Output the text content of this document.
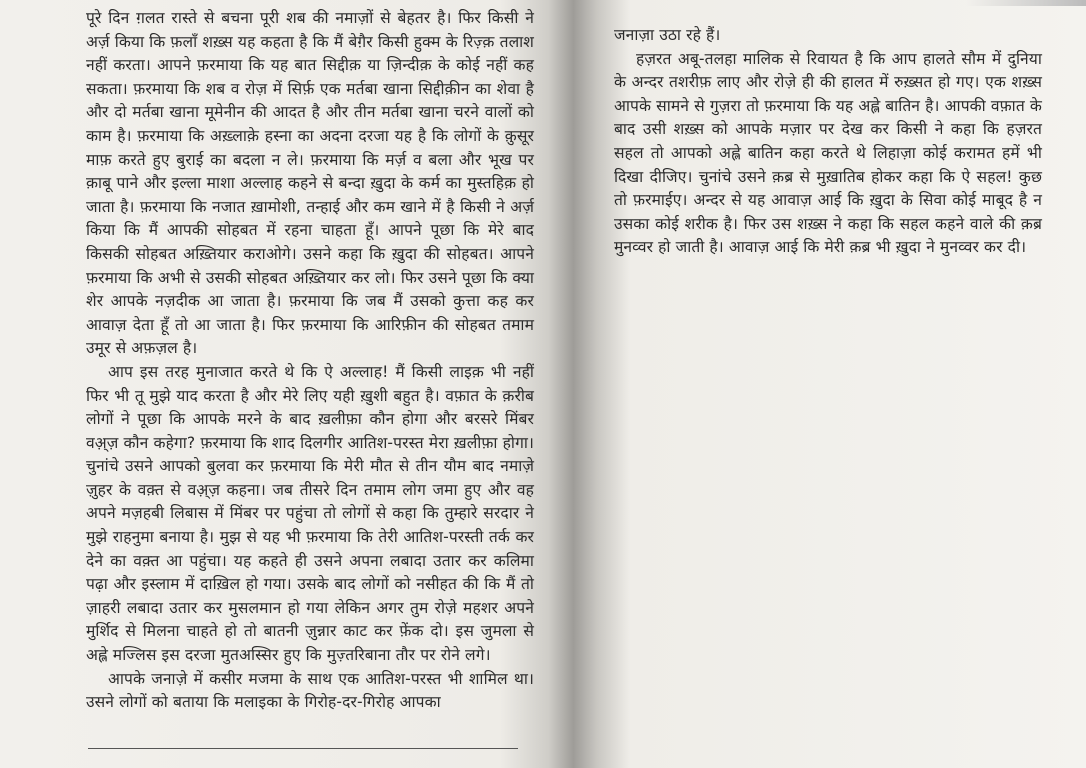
पूरे दिन ग़लत रास्ते से बचना पूरी शब की नमाज़ों से बेहतर है। फिर किसी ने अर्ज़ किया कि फ़लाँ शख़्स यह कहता है कि मैं बेग़ैर किसी हुक्म के रिज़्क़ तलाश नहीं करता। आपने फ़रमाया कि यह बात सिद्दीक़ या ज़िन्दीक़ के कोई नहीं कह सकता। फ़रमाया कि शब व रोज़ में सिर्फ़ एक मर्तबा खाना सिद्दीक़ीन का शेवा है और दो मर्तबा खाना मूमेनीन की आदत है और तीन मर्तबा खाना चरने वालों को काम है। फ़रमाया कि अख़्लाक़े हस्ना का अदना दरजा यह है कि लोगों के क़ुसूर माफ़ करते हुए बुराई का बदला न ले। फ़रमाया कि मर्ज़ व बला और भूख पर क़ाबू पाने और इल्ला माशा अल्लाह कहने से बन्दा ख़ुदा के कर्म का मुस्तहिक़ हो जाता है। फ़रमाया कि नजात ख़ामोशी, तन्हाई और कम खाने में है किसी ने अर्ज़ किया कि मैं आपकी सोहबत में रहना चाहता हूँ। आपने पूछा कि मेरे बाद किसकी सोहबत अख़्तियार कराओगे। उसने कहा कि ख़ुदा की सोहबत। आपने फ़रमाया कि अभी से उसकी सोहबत अख़्तियार कर लो। फिर उसने पूछा कि क्या शेर आपके नज़दीक आ जाता है। फ़रमाया कि जब मैं उसको कुत्ता कह कर आवाज़ देता हूँ तो आ जाता है। फिर फ़रमाया कि आरिफ़ीन की सोहबत तमाम उमूर से अफ़ज़ल है।

आप इस तरह मुनाजात करते थे कि ऐ अल्लाह! मैं किसी लाइक़ भी नहीं फिर भी तू मुझे याद करता है और मेरे लिए यही ख़ुशी बहुत है। वफ़ात के क़रीब लोगों ने पूछा कि आपके मरने के बाद ख़लीफ़ा कौन होगा और बरसरे मिंबर वअ़्ज़ कौन कहेगा? फ़रमाया कि शाद दिलगीर आतिश-परस्त मेरा ख़लीफ़ा होगा। चुनांचे उसने आपको बुलवा कर फ़रमाया कि मेरी मौत से तीन यौम बाद नमाज़े ज़ुहर के वक़्त से वअ़्ज़ कहना। जब तीसरे दिन तमाम लोग जमा हुए और वह अपने मज़हबी लिबास में मिंबर पर पहुंचा तो लोगों से कहा कि तुम्हारे सरदार ने मुझे राहनुमा बनाया है। मुझ से यह भी फ़रमाया कि तेरी आतिश-परस्ती तर्क कर देने का वक़्त आ पहुंचा। यह कहते ही उसने अपना लबादा उतार कर कलिमा पढ़ा और इस्लाम में दाख़िल हो गया। उसके बाद लोगों को नसीहत की कि मैं तो ज़ाहरी लबादा उतार कर मुसलमान हो गया लेकिन अगर तुम रोज़े महशर अपने मुर्शिद से मिलना चाहते हो तो बातनी ज़ुन्नार काट कर फ़ेंक दो। इस जुमला से अह्ले मज्लिस इस दरजा मुतअस्सिर हुए कि मुज़्तरिबाना तौर पर रोने लगे।

आपके जनाज़े में कसीर मजमा के साथ एक आतिश-परस्त भी शामिल था। उसने लोगों को बताया कि मलाइका के गिरोह-दर-गिरोह आपका

जनाज़ा उठा रहे हैं।

हज़रत अबू-तलहा मालिक से रिवायत है कि आप हालते सौम में दुनिया के अन्दर तशरीफ़ लाए और रोज़े ही की हालत में रुख़्सत हो गए। एक शख़्स आपके सामने से गुज़रा तो फ़रमाया कि यह अह्ले बातिन है। आपकी वफ़ात के बाद उसी शख़्स को आपके मज़ार पर देख कर किसी ने कहा कि हज़रत सहल तो आपको अह्ले बातिन कहा करते थे लिहाज़ा कोई करामत हमें भी दिखा दीजिए। चुनांचे उसने क़ब्र से मुख़ातिब होकर कहा कि ऐ सहल! कुछ तो फ़रमाईए। अन्दर से यह आवाज़ आई कि ख़ुदा के सिवा कोई माबूद है न उसका कोई शरीक है। फिर उस शख़्स ने कहा कि सहल कहने वाले की क़ब्र मुनव्वर हो जाती है। आवाज़ आई कि मेरी क़ब्र भी ख़ुदा ने मुनव्वर कर दी।
